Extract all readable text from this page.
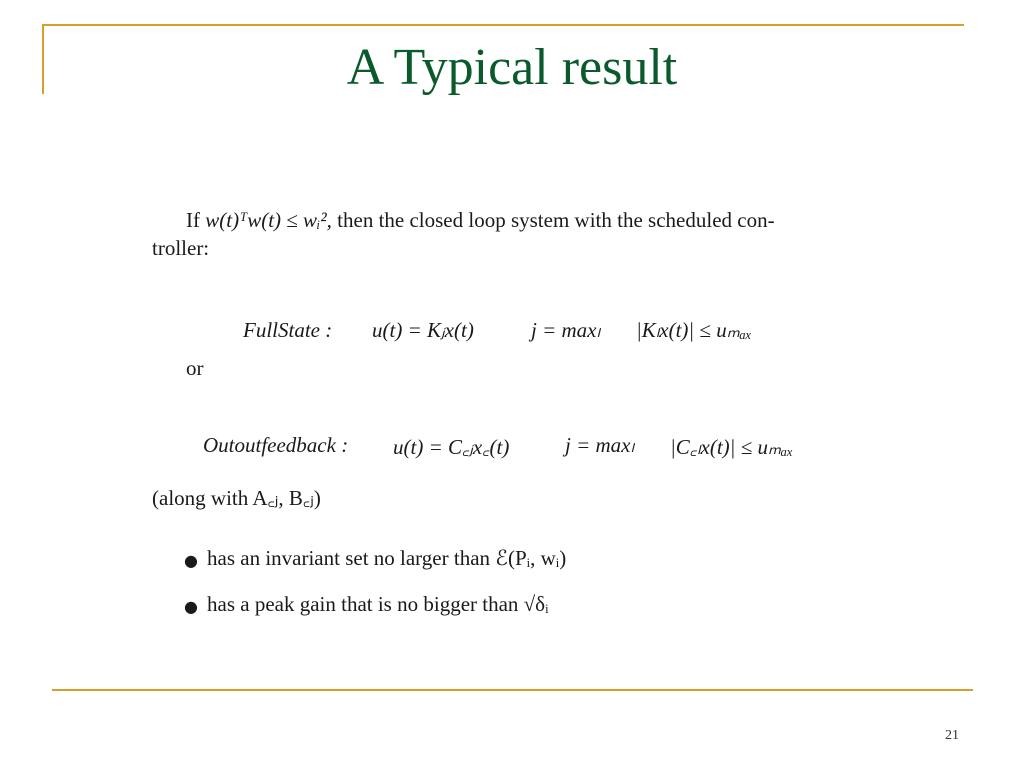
A Typical result
If w(t)ᵀw(t) ≤ wᵢ², then the closed loop system with the scheduled con-
troller:
FullState : u(t) = Kⱼx(t)	j = maxₗ |Kₗx(t)| ≤ uₘₐₓ
or
Outoutfeedback : u(t) = C꜀ⱼx꜀(t)	j = maxₗ |C꜀ₗx(t)| ≤ uₘₐₓ
(along with A꜀ⱼ, B꜀ⱼ)
● has an invariant set no larger than ℰ(Pᵢ, wᵢ)
● has a peak gain that is no bigger than √δᵢ
21
